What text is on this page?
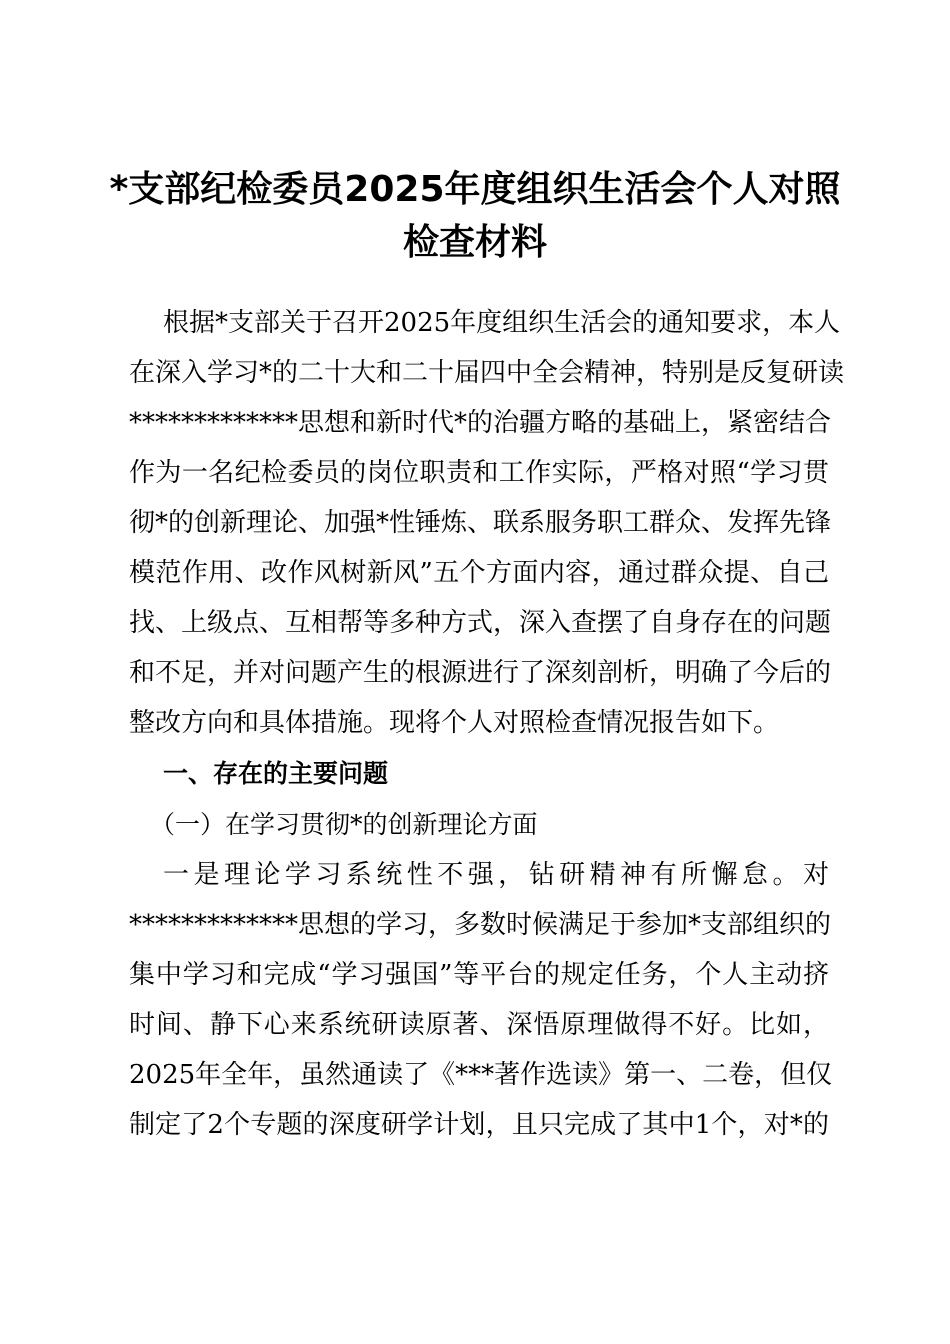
*支部纪检委员2025年度组织生活会个人对照
检查材料

根据*支部关于召开2025年度组织生活会的通知要求，本人

在深入学习*的二十大和二十届四中全会精神，特别是反复研读

*************思想和新时代*的治疆方略的基础上，紧密结合

作为一名纪检委员的岗位职责和工作实际，严格对照“学习贯

彻*的创新理论、加强*性锤炼、联系服务职工群众、发挥先锋

模范作用、改作风树新风”五个方面内容，通过群众提、自己

找、上级点、互相帮等多种方式，深入查摆了自身存在的问题

和不足，并对问题产生的根源进行了深刻剖析，明确了今后的

整改方向和具体措施。现将个人对照检查情况报告如下。

一、存在的主要问题

（一）在学习贯彻*的创新理论方面

一是理论学习系统性不强，钻研精神有所懈怠。对

*************思想的学习，多数时候满足于参加*支部组织的

集中学习和完成“学习强国”等平台的规定任务，个人主动挤

时间、静下心来系统研读原著、深悟原理做得不好。比如，

2025年全年，虽然通读了《***著作选读》第一、二卷，但仅

制定了2个专题的深度研学计划，且只完成了其中1个，对*的
